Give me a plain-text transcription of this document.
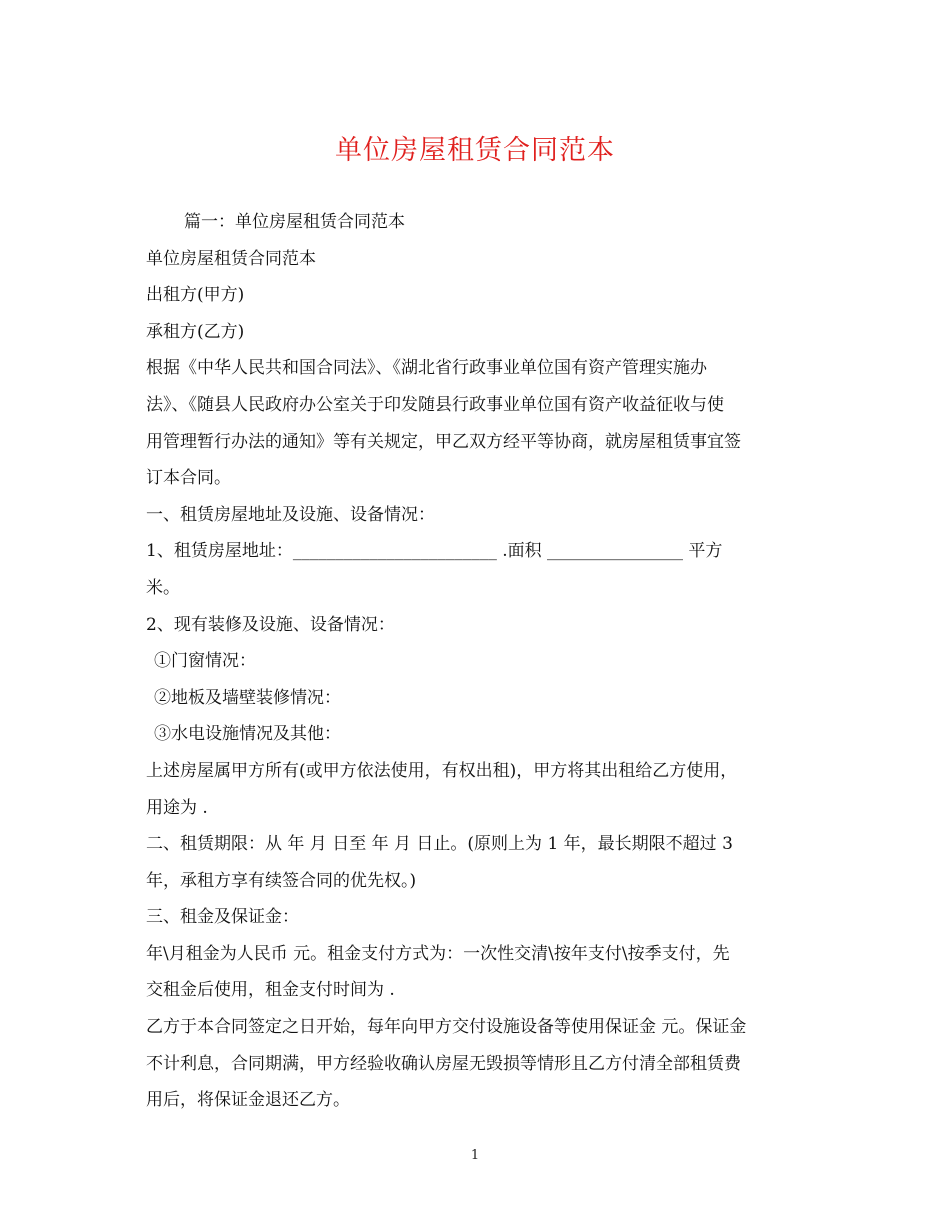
单位房屋租赁合同范本
篇一：单位房屋租赁合同范本
单位房屋租赁合同范本
出租方(甲方)
承租方(乙方)
根据《中华人民共和国合同法》、《湖北省行政事业单位国有资产管理实施办
法》、《随县人民政府办公室关于印发随县行政事业单位国有资产收益征收与使
用管理暂行办法的通知》等有关规定，甲乙双方经平等协商，就房屋租赁事宜签
订本合同。
一、租赁房屋地址及设施、设备情况：
1、租赁房屋地址：________________________ .面积 ________________ 平方
米。
2、现有装修及设施、设备情况：
①门窗情况：
②地板及墙壁装修情况：
③水电设施情况及其他：
上述房屋属甲方所有(或甲方依法使用，有权出租)，甲方将其出租给乙方使用，
用途为 .
二、租赁期限：从 年 月 日至 年 月 日止。(原则上为 1 年，最长期限不超过 3
年，承租方享有续签合同的优先权。)
三、租金及保证金：
年\月租金为人民币 元。租金支付方式为：一次性交清\按年支付\按季支付，先
交租金后使用，租金支付时间为 .
乙方于本合同签定之日开始，每年向甲方交付设施设备等使用保证金 元。保证金
不计利息，合同期满，甲方经验收确认房屋无毁损等情形且乙方付清全部租赁费
用后，将保证金退还乙方。
1
